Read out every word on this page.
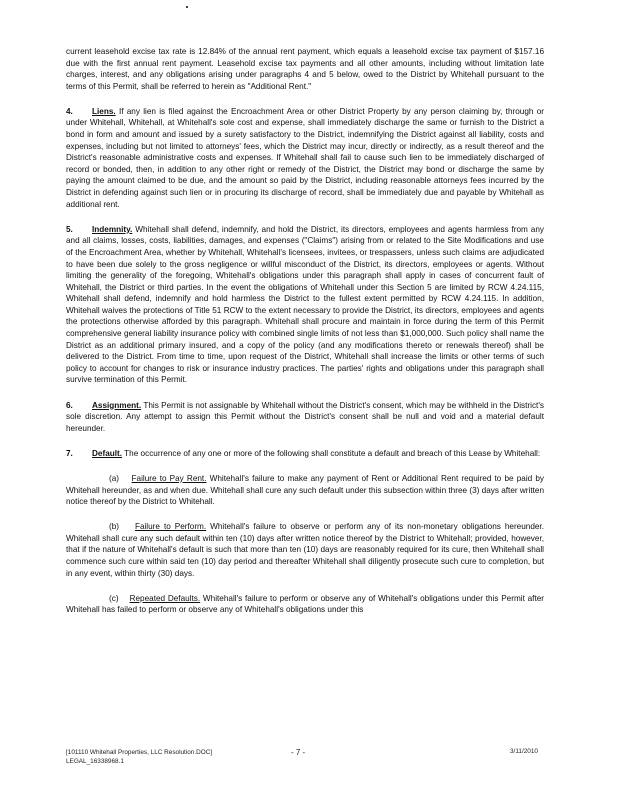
current leasehold excise tax rate is 12.84% of the annual rent payment, which equals a leasehold excise tax payment of $157.16 due with the first annual rent payment. Leasehold excise tax payments and all other amounts, including without limitation late charges, interest, and any obligations arising under paragraphs 4 and 5 below, owed to the District by Whitehall pursuant to the terms of this Permit, shall be referred to herein as "Additional Rent."

4. Liens. If any lien is filed against the Encroachment Area or other District Property by any person claiming by, through or under Whitehall, Whitehall, at Whitehall's sole cost and expense, shall immediately discharge the same or furnish to the District a bond in form and amount and issued by a surety satisfactory to the District, indemnifying the District against all liability, costs and expenses, including but not limited to attorneys' fees, which the District may incur, directly or indirectly, as a result thereof and the District's reasonable administrative costs and expenses. If Whitehall shall fail to cause such lien to be immediately discharged of record or bonded, then, in addition to any other right or remedy of the District, the District may bond or discharge the same by paying the amount claimed to be due, and the amount so paid by the District, including reasonable attorneys fees incurred by the District in defending against such lien or in procuring its discharge of record, shall be immediately due and payable by Whitehall as additional rent.

5. Indemnity. Whitehall shall defend, indemnify, and hold the District, its directors, employees and agents harmless from any and all claims, losses, costs, liabilities, damages, and expenses ("Claims") arising from or related to the Site Modifications and use of the Encroachment Area, whether by Whitehall, Whitehall's licensees, invitees, or trespassers, unless such claims are adjudicated to have been due solely to the gross negligence or willful misconduct of the District, its directors, employees or agents. Without limiting the generality of the foregoing, Whitehall's obligations under this paragraph shall apply in cases of concurrent fault of Whitehall, the District or third parties. In the event the obligations of Whitehall under this Section 5 are limited by RCW 4.24.115, Whitehall shall defend, indemnify and hold harmless the District to the fullest extent permitted by RCW 4.24.115. In addition, Whitehall waives the protections of Title 51 RCW to the extent necessary to provide the District, its directors, employees and agents the protections otherwise afforded by this paragraph. Whitehall shall procure and maintain in force during the term of this Permit comprehensive general liability insurance policy with combined single limits of not less than $1,000,000. Such policy shall name the District as an additional primary insured, and a copy of the policy (and any modifications thereto or renewals thereof) shall be delivered to the District. From time to time, upon request of the District, Whitehall shall increase the limits or other terms of such policy to account for changes to risk or insurance industry practices. The parties' rights and obligations under this paragraph shall survive termination of this Permit.

6. Assignment. This Permit is not assignable by Whitehall without the District's consent, which may be withheld in the District's sole discretion. Any attempt to assign this Permit without the District's consent shall be null and void and a material default hereunder.

7. Default. The occurrence of any one or more of the following shall constitute a default and breach of this Lease by Whitehall:

(a) Failure to Pay Rent. Whitehall's failure to make any payment of Rent or Additional Rent required to be paid by Whitehall hereunder, as and when due. Whitehall shall cure any such default under this subsection within three (3) days after written notice thereof by the District to Whitehall.

(b) Failure to Perform. Whitehall's failure to observe or perform any of its non-monetary obligations hereunder. Whitehall shall cure any such default within ten (10) days after written notice thereof by the District to Whitehall; provided, however, that if the nature of Whitehall's default is such that more than ten (10) days are reasonably required for its cure, then Whitehall shall commence such cure within said ten (10) day period and thereafter Whitehall shall diligently prosecute such cure to completion, but in any event, within thirty (30) days.

(c) Repeated Defaults. Whitehall's failure to perform or observe any of Whitehall's obligations under this Permit after Whitehall has failed to perform or observe any of Whitehall's obligations under this

[101110 Whitehall Properties, LLC Resolution.DOC]
LEGAL_16338968.1
- 7 -	3/11/2010
